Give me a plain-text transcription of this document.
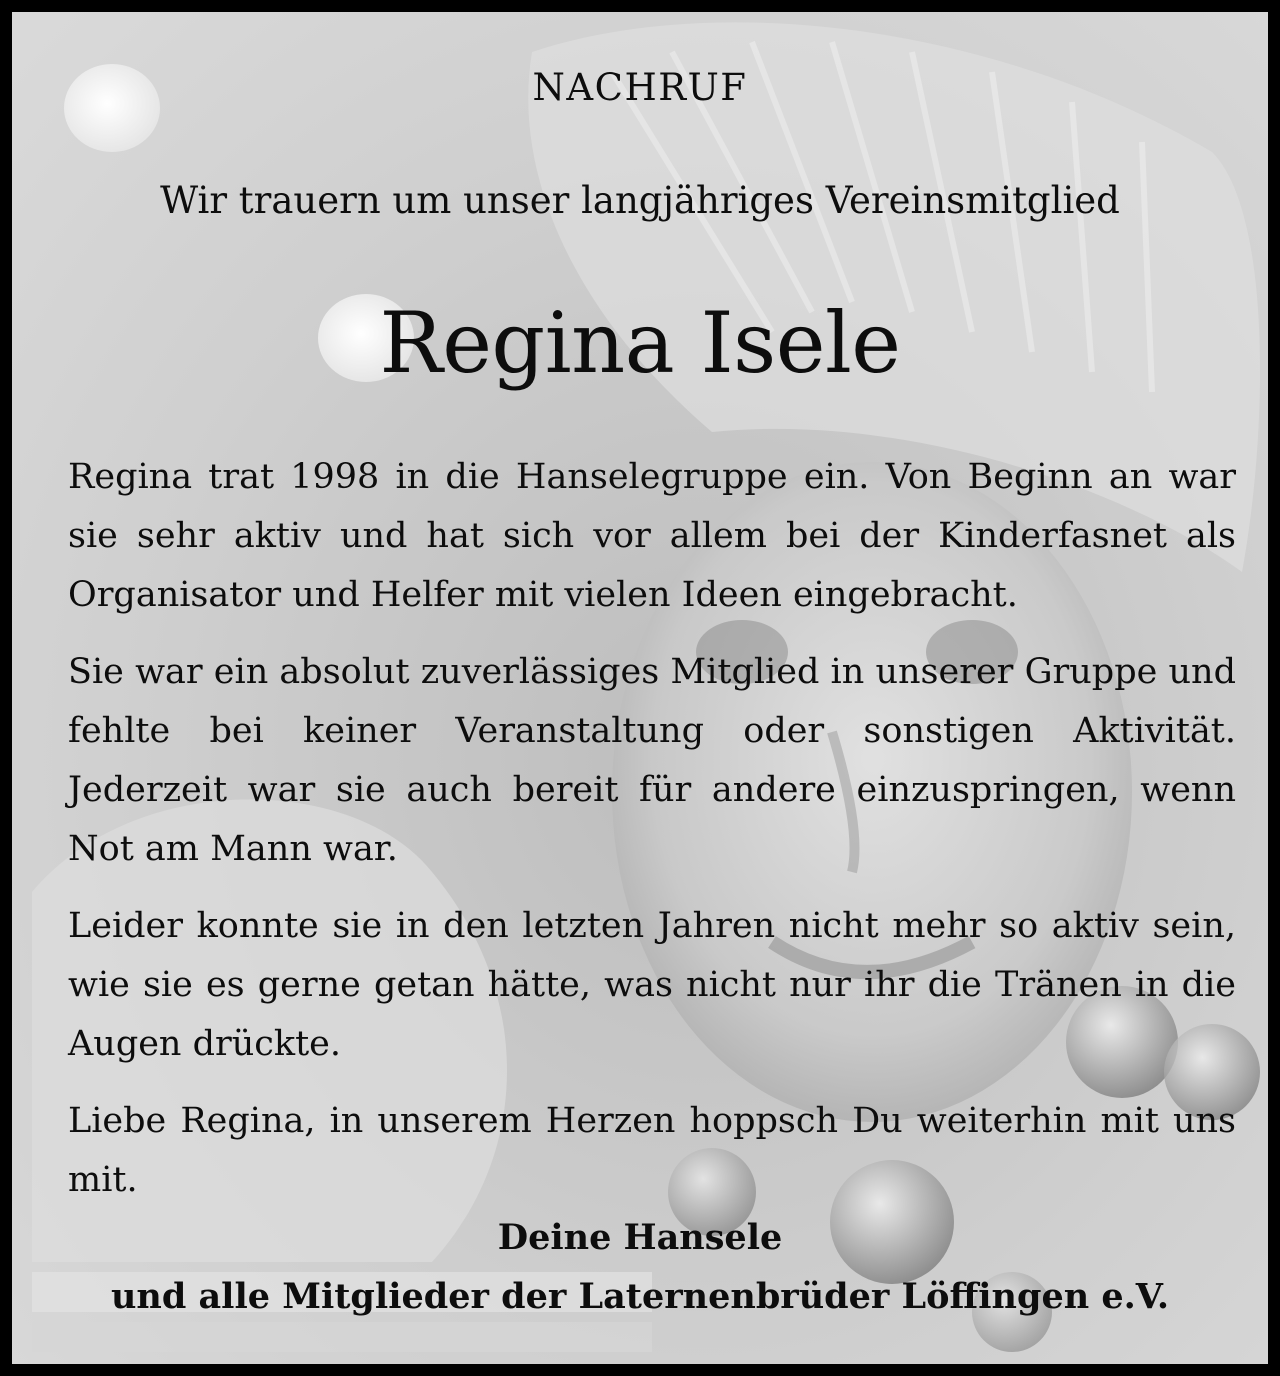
NACHRUF
Wir trauern um unser langjähriges Vereinsmitglied
Regina Isele

Regina trat 1998 in die Hanselegruppe ein. Von Beginn an war sie sehr aktiv und hat sich vor allem bei der Kinderfasnet als Organisator und Helfer mit vielen Ideen eingebracht.

Sie war ein absolut zuverlässiges Mitglied in unserer Gruppe und fehlte bei keiner Veranstaltung oder sonstigen Aktivität. Jederzeit war sie auch bereit für andere einzuspringen, wenn Not am Mann war.

Leider konnte sie in den letzten Jahren nicht mehr so aktiv sein, wie sie es gerne getan hätte, was nicht nur ihr die Tränen in die Augen drückte.

Liebe Regina, in unserem Herzen hoppsch Du weiterhin mit uns mit.

Deine Hansele
und alle Mitglieder der Laternenbrüder Löffingen e.V.
